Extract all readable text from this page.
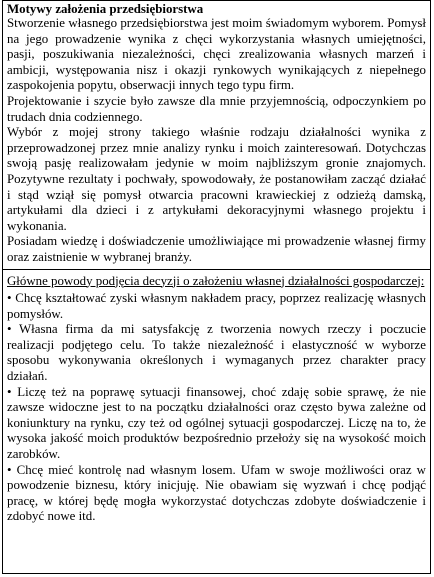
Motywy założenia przedsiębiorstwa

Stworzenie własnego przedsiębiorstwa jest moim świadomym wyborem. Pomysł na jego prowadzenie wynika z chęci wykorzystania własnych umiejętności, pasji, poszukiwania niezależności, chęci zrealizowania własnych marzeń i ambicji, występowania nisz i okazji rynkowych wynikających z niepełnego zaspokojenia popytu, obserwacji innych tego typu firm.

Projektowanie i szycie było zawsze dla mnie przyjemnością, odpoczynkiem po trudach dnia codziennego.

Wybór z mojej strony takiego właśnie rodzaju działalności wynika z przeprowadzonej przez mnie analizy rynku i moich zainteresowań. Dotychczas swoją pasję realizowałam jedynie w moim najbliższym gronie znajomych. Pozytywne rezultaty i pochwały, spowodowały, że postanowiłam zacząć działać i stąd wziął się pomysł otwarcia pracowni krawieckiej z odzieżą damską, artykułami dla dzieci i z artykułami dekoracyjnymi własnego projektu i wykonania.

Posiadam wiedzę i doświadczenie umożliwiające mi prowadzenie własnej firmy oraz zaistnienie w wybranej branży.

Główne powody podjęcia decyzji o założeniu własnej działalności gospodarczej:

• Chcę kształtować zyski własnym nakładem pracy, poprzez realizację własnych pomysłów.

• Własna firma da mi satysfakcję z tworzenia nowych rzeczy i poczucie realizacji podjętego celu. To także niezależność i elastyczność w wyborze sposobu wykonywania określonych i wymaganych przez charakter pracy działań.

• Liczę też na poprawę sytuacji finansowej, choć zdaję sobie sprawę, że nie zawsze widoczne jest to na początku działalności oraz często bywa zależne od koniunktury na rynku, czy też od ogólnej sytuacji gospodarczej. Liczę na to, że wysoka jakość moich produktów bezpośrednio przełoży się na wysokość moich zarobków.

• Chcę mieć kontrolę nad własnym losem. Ufam w swoje możliwości oraz w powodzenie biznesu, który inicjuję. Nie obawiam się wyzwań i chcę podjąć pracę, w której będę mogła wykorzystać dotychczas zdobyte doświadczenie i zdobyć nowe itd.
